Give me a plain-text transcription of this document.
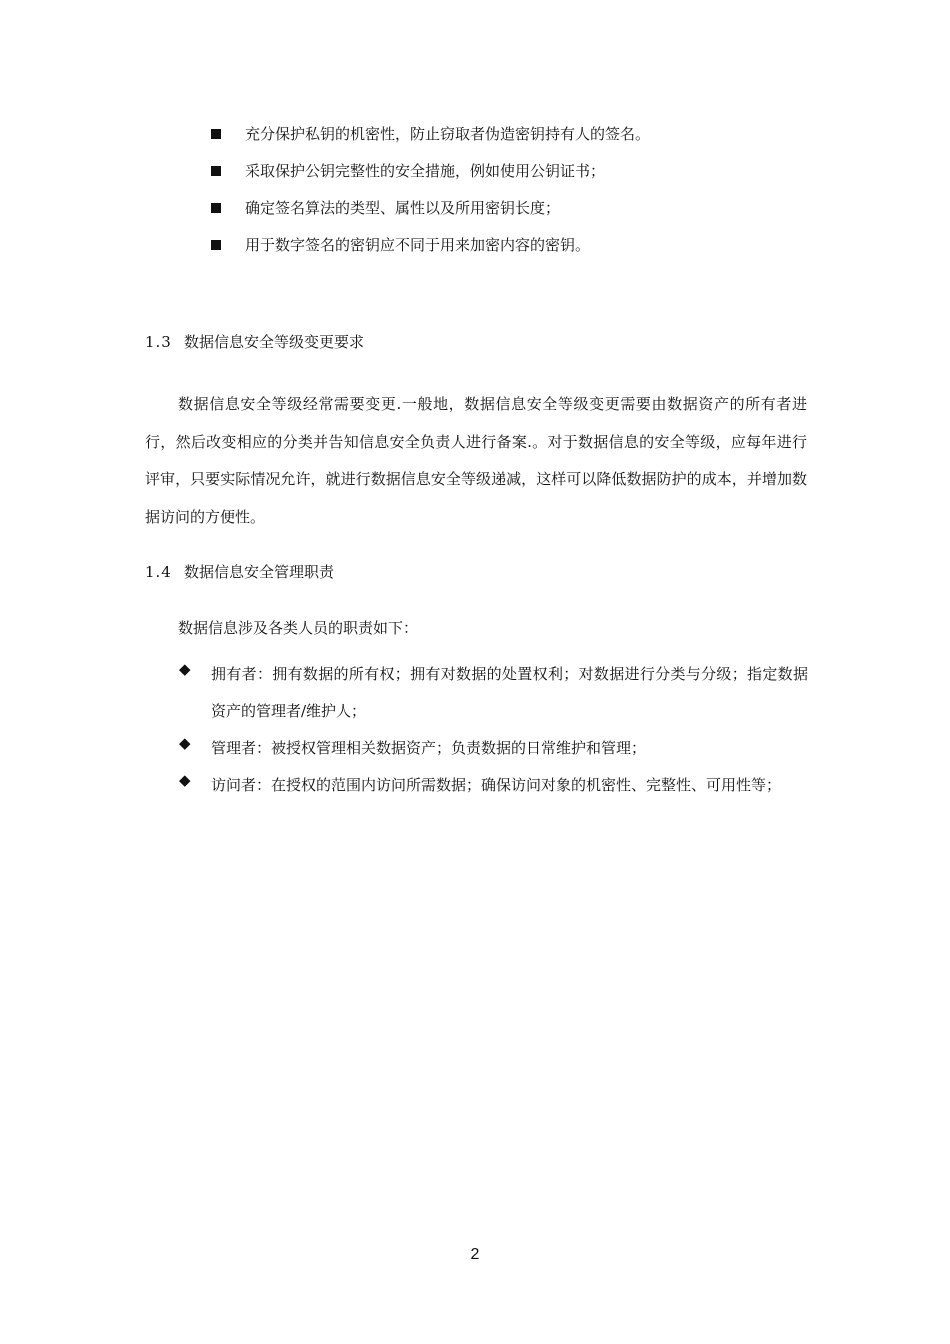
充分保护私钥的机密性，防止窃取者伪造密钥持有人的签名。
采取保护公钥完整性的安全措施，例如使用公钥证书；
确定签名算法的类型、属性以及所用密钥长度；
用于数字签名的密钥应不同于用来加密内容的密钥。
1.3 数据信息安全等级变更要求

数据信息安全等级经常需要变更.一般地，数据信息安全等级变更需要由数据资产的所有者进行，然后改变相应的分类并告知信息安全负责人进行备案.。对于数据信息的安全等级，应每年进行评审，只要实际情况允许，就进行数据信息安全等级递减，这样可以降低数据防护的成本，并增加数据访问的方便性。

1.4 数据信息安全管理职责
数据信息涉及各类人员的职责如下：
◆ 拥有者：拥有数据的所有权；拥有对数据的处置权利；对数据进行分类与分级；指定数据资产的管理者/维护人；
◆ 管理者：被授权管理相关数据资产；负责数据的日常维护和管理；
◆ 访问者：在授权的范围内访问所需数据；确保访问对象的机密性、完整性、可用性等；
2
